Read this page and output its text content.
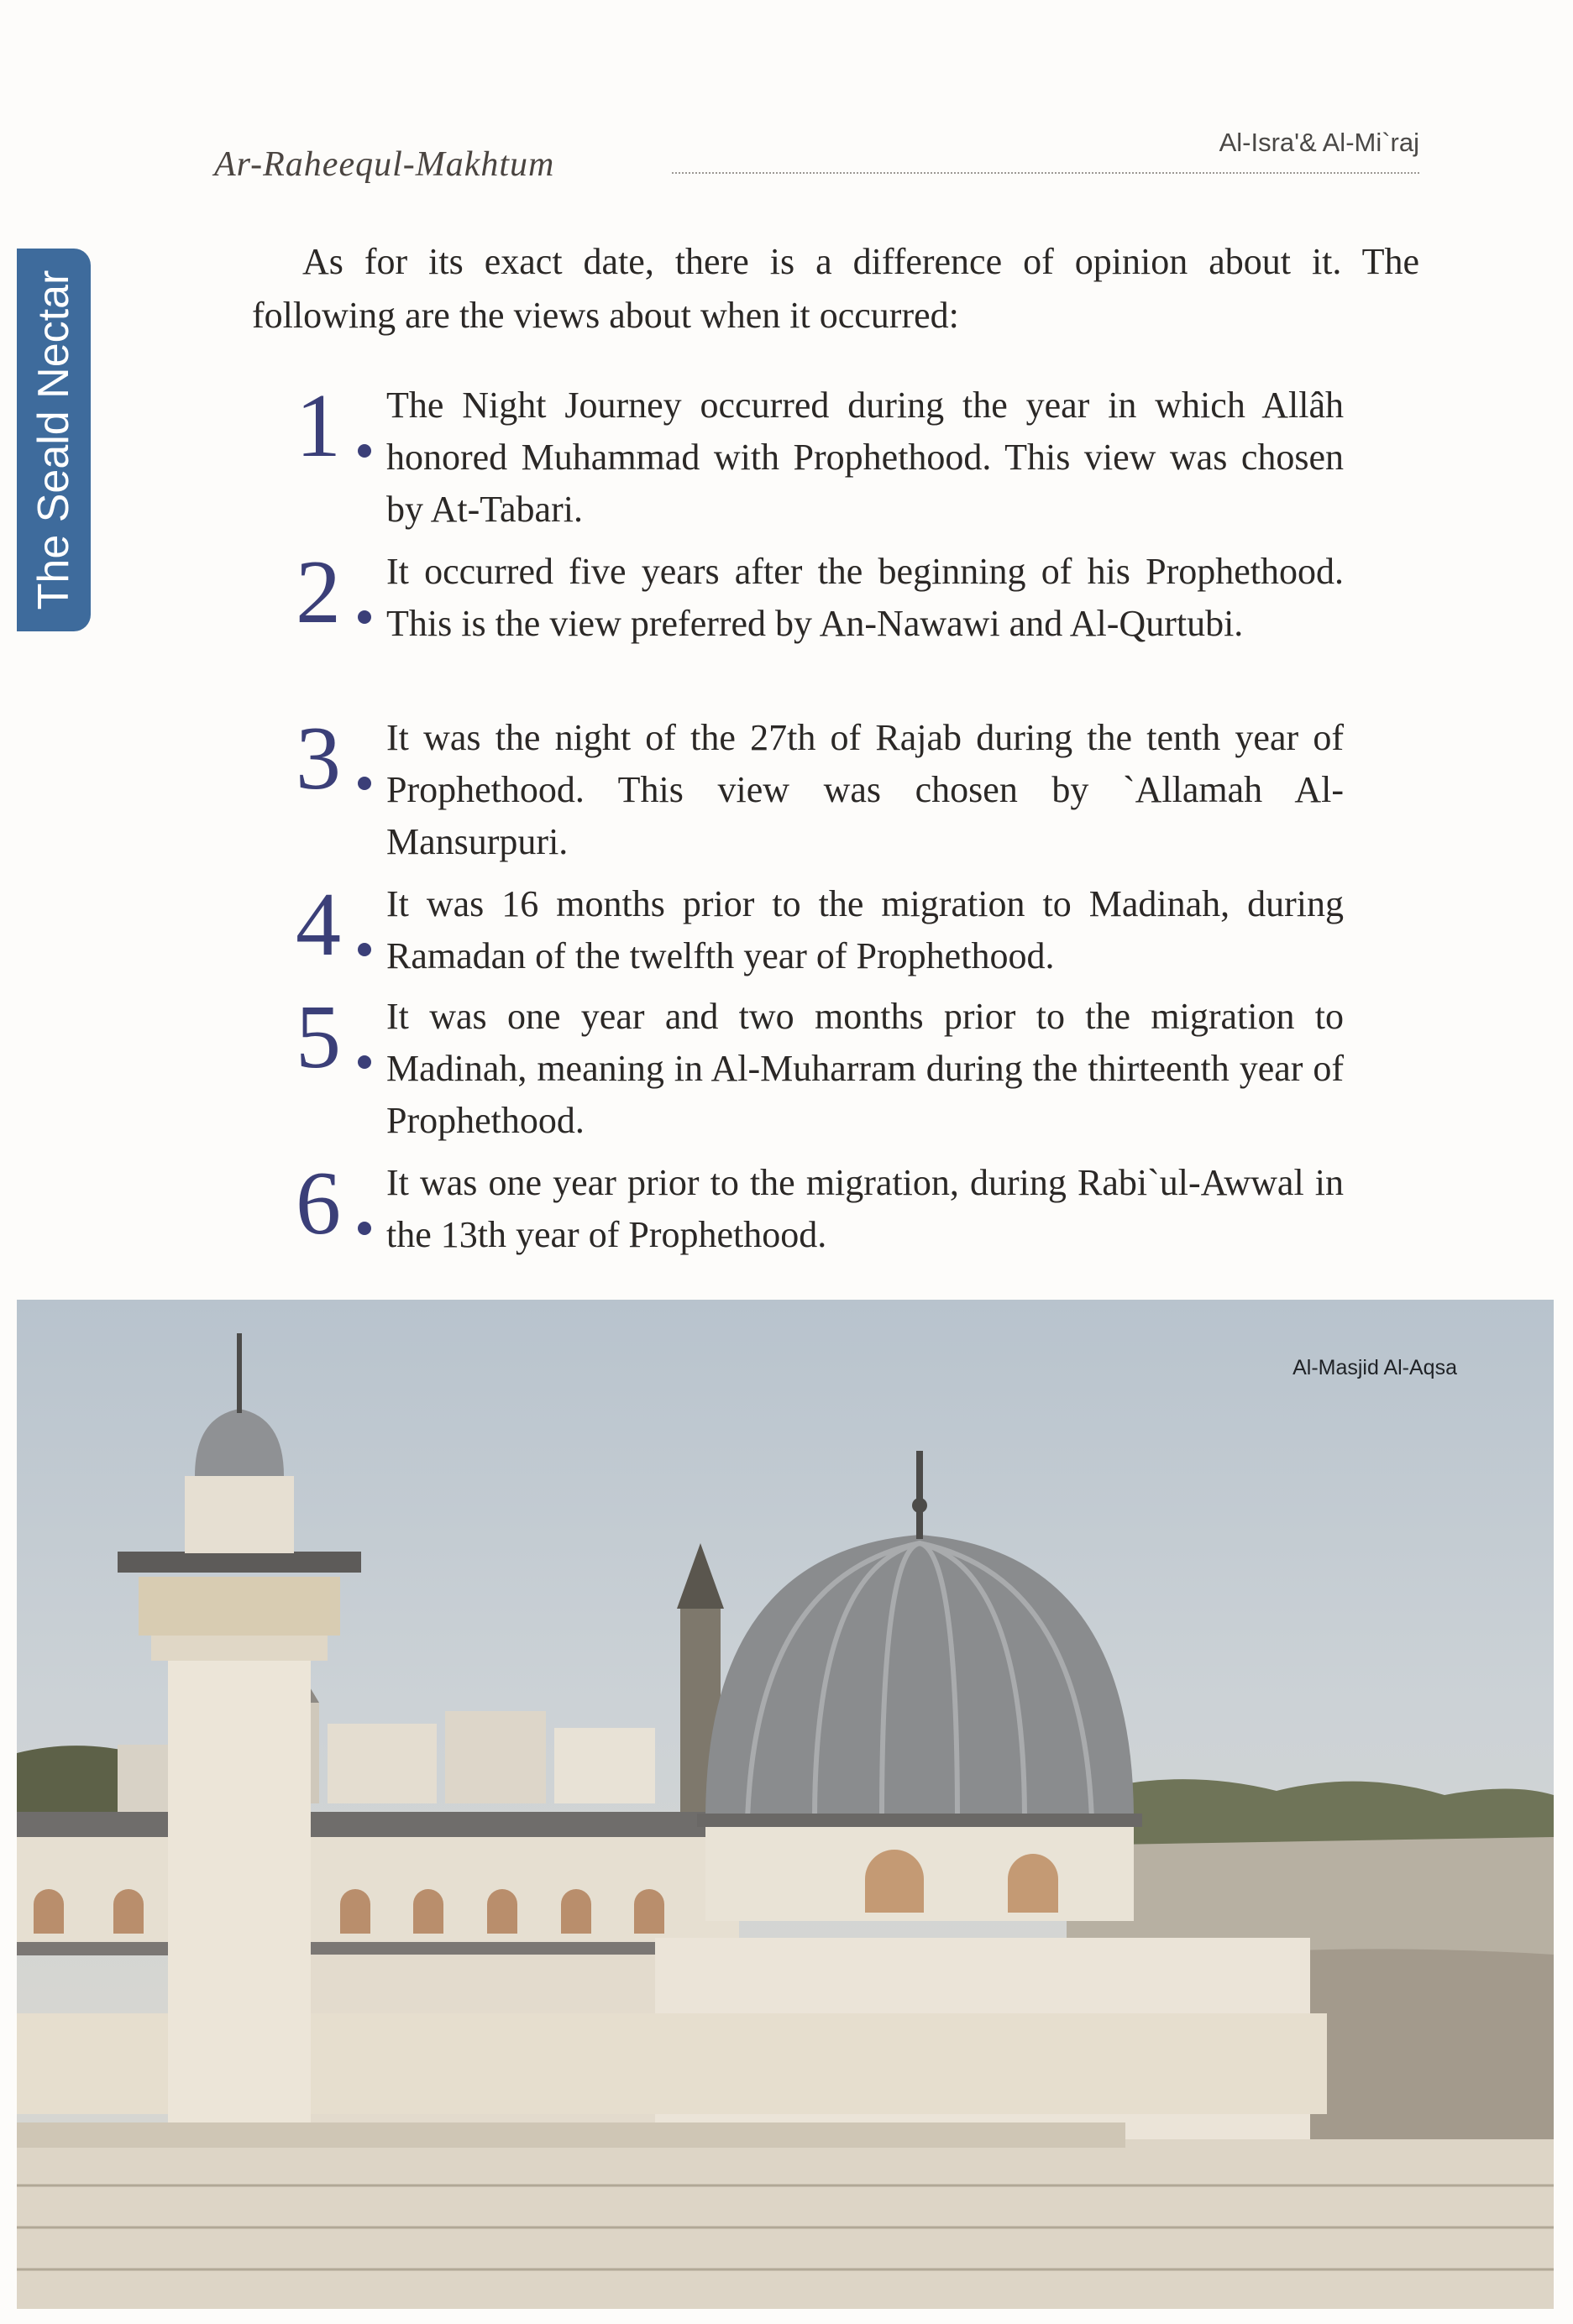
Ar-Raheequl-Makhtum
Al-Isra'& Al-Mi`raj
The Seald Nectar
As for its exact date, there is a difference of opinion about it. The following are the views about when it occurred:
1	The Night Journey occurred during the year in which Allâh honored Muhammad with Prophethood. This view was chosen by At-Tabari.
2	It occurred five years after the beginning of his Prophethood. This is the view preferred by An-Nawawi and Al-Qurtubi.
3	It was the night of the 27th of Rajab during the tenth year of Prophethood. This view was chosen by `Allamah Al-Mansurpuri.
4	It was 16 months prior to the migration to Madinah, during Ramadan of the twelfth year of Prophethood.
5	It was one year and two months prior to the migration to Madinah, meaning in Al-Muharram during the thirteenth year of Prophethood.
6	It was one year prior to the migration, during Rabi`ul-Awwal in the 13th year of Prophethood.
Al-Masjid Al-Aqsa
